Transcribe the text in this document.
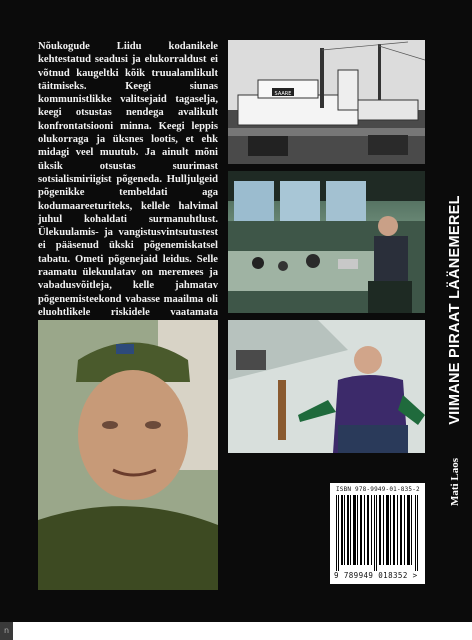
Nõukogude Liidu kodanikele kehtestatud seadusi ja elukorraldust ei võtnud kaugeltki kõik truualamlikult täitmiseks. Keegi siunas kommunistlikke valitsejaid tagaselja, keegi otsustas nendega avalikult konfrontatsiooni minna. Keegi leppis olukorraga ja üksnes lootis, et ehk midagi veel muutub. Ja ainult mõni üksik otsustas suurimast sotsialismiriigist põgeneda. Hulljulgeid põgenikke tembeldati aga kodumaareeturiteks, kellele halvimal juhul kohaldati surmanuhtlust. Ülekuulamis- ja vangistusvintsutustest ei pääsenud ükski põgenemiskatsel tabatu. Ometi põgenejaid leidus. Selle raamatu ülekuulatav on meremees ja vabadusvõitleja, kelle jahmatav põgenemisteekond vabasse maailma oli eluohtlikele riskidele vaatamata
SAARE
ISBN 978-9949-01-835-2
9 789949 018352 >
VIIMANE PIRAAT LÄÄNEMEREL
Mati Laos
n
